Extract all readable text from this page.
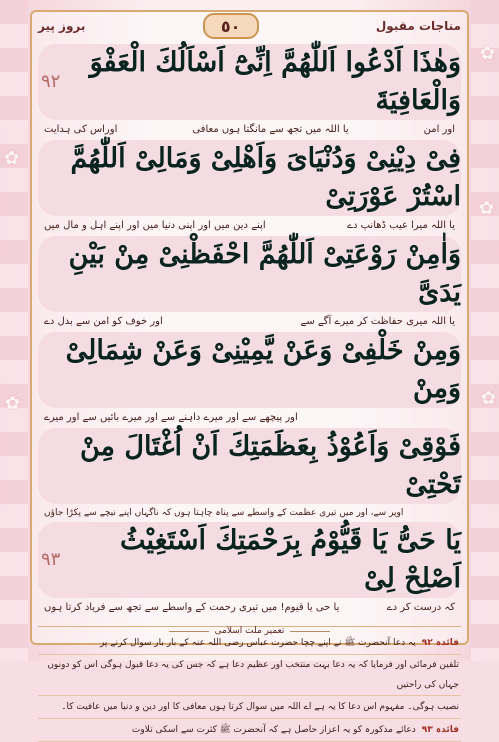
✿
✿
✿
✿
✿
بروز پیر	٥٠	مناجات مقبول
٩٢
وَهٰذَا اَدْعُوا اَللّٰهُمَّ اِنِّیْٓ اَسْاَلُكَ الْعَفْوَ وَالْعَافِيَةَ
اوراس کی ہدایت	یا اللہ میں تجھ سے مانگتا ہوں معافی	اور امن
فِیْ دِيْنِیْ وَدُنْيَایَ وَاَهْلِیْ وَمَالِیْ اَللّٰهُمَّ اسْتُرْ عَوْرَتِیْ
اپنے دین میں اور اپنی دنیا میں اور اپنے اہل و مال میں	یا اللہ میرا عیب ڈھانپ دے
وَاٰمِنْ رَوْعَتِیْ اَللّٰهُمَّ احْفَظْنِیْ مِنْ بَيْنِ يَدَیَّ
اور خوف کو امن سے بدل دے	یا اللہ میری حفاظت کر میرے آگے سے
وَمِنْ خَلْفِیْ وَعَنْ يَّمِيْنِیْ وَعَنْ شِمَالِیْ وَمِنْ
اور پیچھے سے اور میرے داہنے سے اور میرے بائیں سے اور میرے
فَوْقِیْ وَاَعُوْذُ بِعَظَمَتِكَ اَنْ اُغْتَالَ مِنْ تَحْتِیْ
اوپر سے، اور میں تیری عظمت کے واسطے سے پناہ چاہتا ہوں کہ ناگہاں اپنے نیچے سے پکڑا جاؤں
٩٣
يَا حَیُّ يَا قَيُّوْمُ بِرَحْمَتِكَ اَسْتَغِيْثُ اَصْلِحْ لِیْ
یا حی یا قیوم! میں تیری رحمت کے واسطے سے تجھ سے فریاد کرتا ہوں	کہ درست کر دے
یہ دعا آنحضرت ﷺ نے اپنے چچا حضرت عباس رضی اللہ عنہ کے بار بار سوال کرنے پر فائدہ ٩٢
تلقین فرمائی اور فرمایا کہ یہ دعا بہت منتخب اور عظیم دعا ہے کہ جس کی یہ دعا قبول ہوگی اس کو دونوں جہاں کی راحتیں
نصیب ہوگی۔ مفہوم اس دعا کا یہ ہے اے اللہ میں سوال کرتا ہوں معافی کا اور دین و دنیا میں عافیت کا۔
دعائے مذکورہ کو یہ اعزاز حاصل ہے کہ آنحضرت ﷺ کثرت سے اسکی تلاوت فائدہ ٩٣
تعمیر ملت اسلامی
